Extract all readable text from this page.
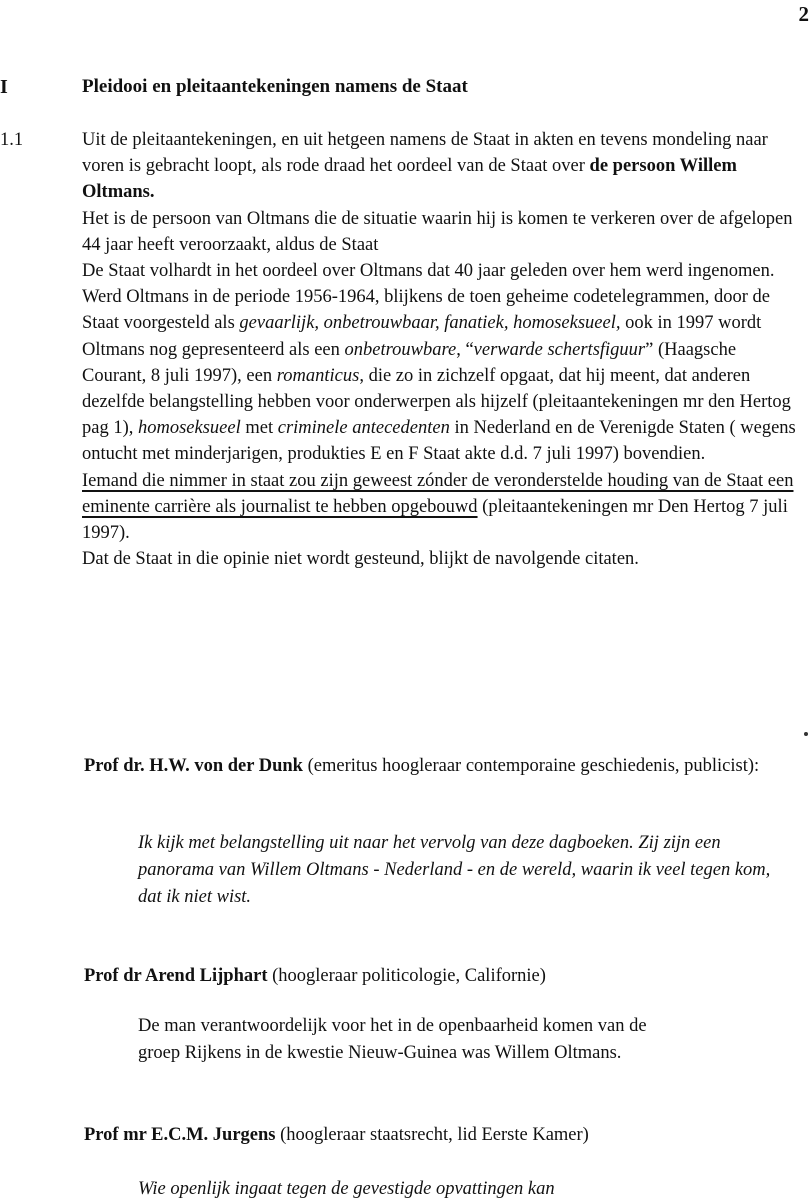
2
I	Pleidooi en pleitaantekeningen namens de Staat
1.1	Uit de pleitaantekeningen, en uit hetgeen namens de Staat in akten en tevens mondeling naar voren is gebracht loopt, als rode draad het oordeel van de Staat over de persoon Willem Oltmans.

Het is de persoon van Oltmans die de situatie waarin hij is komen te verkeren over de afgelopen 44 jaar heeft veroorzaakt, aldus de Staat

De Staat volhardt in het oordeel over Oltmans dat 40 jaar geleden over hem werd ingenomen.

Werd Oltmans in de periode 1956-1964, blijkens de toen geheime codetelegrammen, door de Staat voorgesteld als gevaarlijk, onbetrouwbaar, fanatiek, homoseksueel, ook in 1997 wordt Oltmans nog gepresenteerd als een onbetrouwbare, “verwarde schertsfiguur” (Haagsche Courant, 8 juli 1997), een romanticus, die zo in zichzelf opgaat, dat hij meent, dat anderen dezelfde belangstelling hebben voor onderwerpen als hijzelf (pleitaantekeningen mr den Hertog pag 1), homoseksueel met criminele antecedenten in Nederland en de Verenigde Staten ( wegens ontucht met minderjarigen, produkties E en F Staat akte d.d. 7 juli 1997) bovendien.

Iemand die nimmer in staat zou zijn geweest zónder de veronderstelde houding van de Staat een eminente carrière als journalist te hebben opgebouwd (pleitaantekeningen mr Den Hertog 7 juli 1997).

Dat de Staat in die opinie niet wordt gesteund, blijkt de navolgende citaten.

Prof dr. H.W. von der Dunk (emeritus hoogleraar contemporaine geschiedenis, publicist):

Ik kijk met belangstelling uit naar het vervolg van deze dagboeken. Zij zijn een panorama van Willem Oltmans - Nederland - en de wereld, waarin ik veel tegen kom, dat ik niet wist.

Prof dr Arend Lijphart (hoogleraar politicologie, Californie)

De man verantwoordelijk voor het in de openbaarheid komen van de groep Rijkens in de kwestie Nieuw-Guinea was Willem Oltmans.

Prof mr E.C.M. Jurgens (hoogleraar staatsrecht, lid Eerste Kamer)

Wie openlijk ingaat tegen de gevestigde opvattingen kan
